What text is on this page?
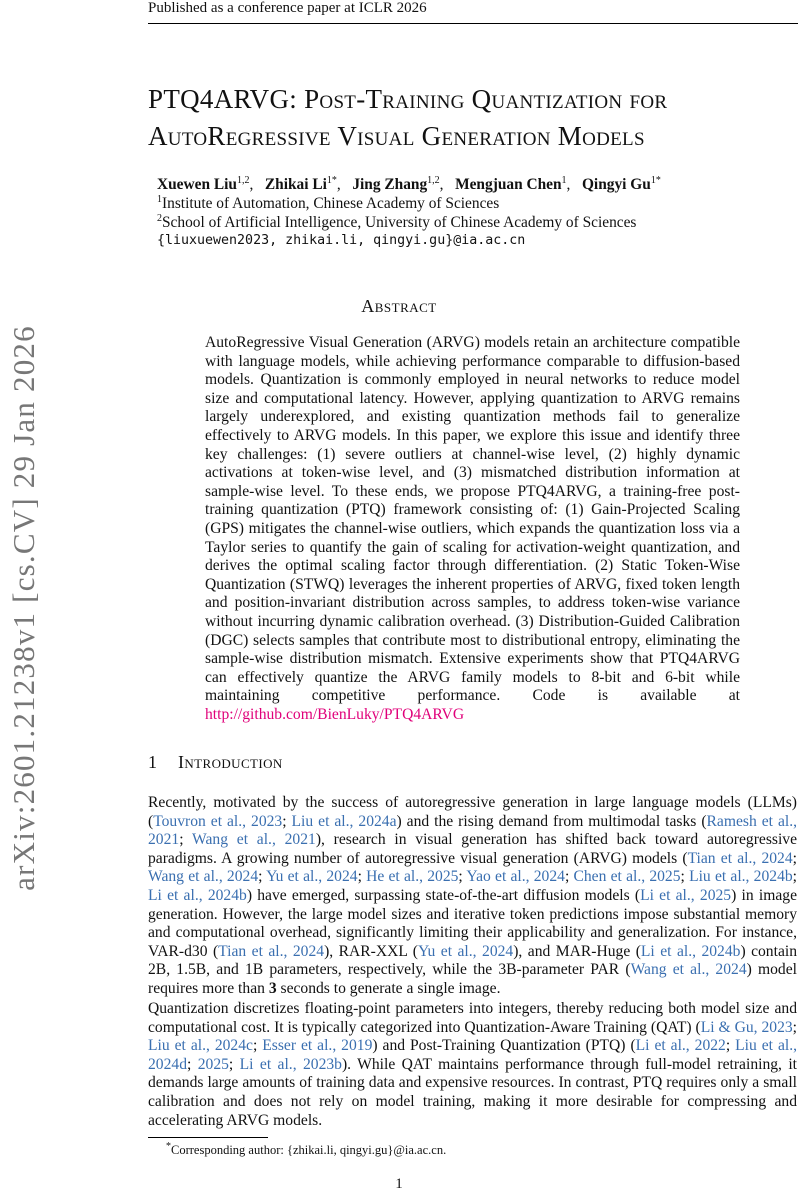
Published as a conference paper at ICLR 2026
arXiv:2601.21238v1 [cs.CV] 29 Jan 2026
PTQ4ARVG: Post-Training Quantization for
AutoRegressive Visual Generation Models
Xuewen Liu$^{1,2}$,   Zhikai $Li^{1*}$,   Jing Zhang$^{1,2}$,   Mengjuan Chen$^1$,   Qingyi $Gu^{1*}$
$^1$Institute of Automation, Chinese Academy of Sciences
$^2$School of Artificial Intelligence, University of Chinese Academy of Sciences
{liuxuewen2023, zhikai.li, qingyi.gu}@ia.ac.cn
Abstract
AutoRegressive Visual Generation (ARVG) models retain an architecture compatible with language models, while achieving performance comparable to diffusion-based models. Quantization is commonly employed in neural networks to reduce model size and computational latency. However, applying quantization to ARVG remains largely underexplored, and existing quantization methods fail to generalize effectively to ARVG models. In this paper, we explore this issue and identify three key challenges: (1) severe outliers at channel-wise level, (2) highly dynamic activations at token-wise level, and (3) mismatched distribution information at sample-wise level. To these ends, we propose PTQ4ARVG, a training-free post-training quantization (PTQ) framework consisting of: (1) Gain-Projected Scaling (GPS) mitigates the channel-wise outliers, which expands the quantization loss via a Taylor series to quantify the gain of scaling for activation-weight quantization, and derives the optimal scaling factor through differentiation. (2) Static Token-Wise Quantization (STWQ) leverages the inherent properties of ARVG, fixed token length and position-invariant distribution across samples, to address token-wise variance without incurring dynamic calibration overhead. (3) Distribution-Guided Calibration (DGC) selects samples that contribute most to distributional entropy, eliminating the sample-wise distribution mismatch. Extensive experiments show that PTQ4ARVG can effectively quantize the ARVG family models to 8-bit and 6-bit while maintaining competitive performance. Code is available at http://github.com/BienLuky/PTQ4ARVG
1 Introduction

Recently, motivated by the success of autoregressive generation in large language models (LLMs) (Touvron et al., 2023; Liu et al., 2024a) and the rising demand from multimodal tasks (Ramesh et al., 2021; Wang et al., 2021), research in visual generation has shifted back toward autoregressive paradigms. A growing number of autoregressive visual generation (ARVG) models (Tian et al., 2024; Wang et al., 2024; Yu et al., 2024; He et al., 2025; Yao et al., 2024; Chen et al., 2025; Liu et al., 2024b; Li et al., 2024b) have emerged, surpassing state-of-the-art diffusion models (Li et al., 2025) in image generation. However, the large model sizes and iterative token predictions impose substantial memory and computational overhead, significantly limiting their applicability and generalization. For instance, VAR-d30 (Tian et al., 2024), RAR-XXL (Yu et al., 2024), and MAR-Huge (Li et al., 2024b) contain 2B, 1.5B, and 1B parameters, respectively, while the 3B-parameter PAR (Wang et al., 2024) model requires more than 3 seconds to generate a single image.

Quantization discretizes floating-point parameters into integers, thereby reducing both model size and computational cost. It is typically categorized into Quantization-Aware Training (QAT) (Li & Gu, 2023; Liu et al., 2024c; Esser et al., 2019) and Post-Training Quantization (PTQ) (Li et al., 2022; Liu et al., 2024d; 2025; Li et al., 2023b). While QAT maintains performance through full-model retraining, it demands large amounts of training data and expensive resources. In contrast, PTQ requires only a small calibration and does not rely on model training, making it more desirable for compressing and accelerating ARVG models.

*Corresponding author: {zhikai.li, qingyi.gu}@ia.ac.cn.
1
